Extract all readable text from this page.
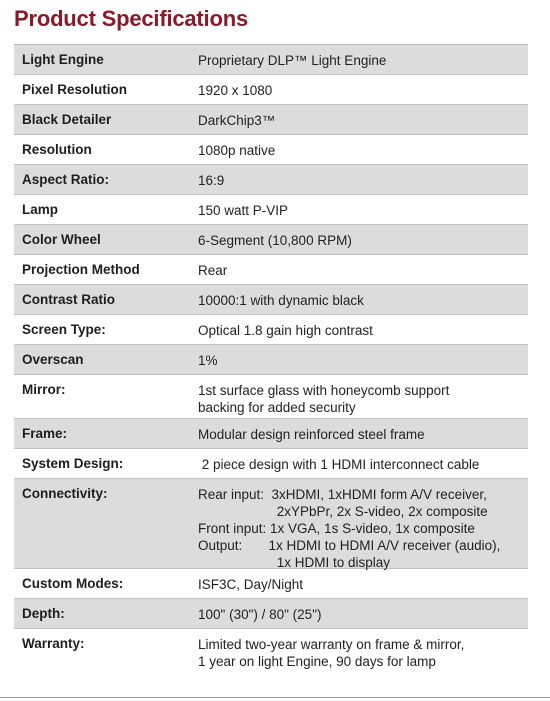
Product Specifications
Light Engine	Proprietary DLP™ Light Engine
Pixel Resolution	1920 x 1080
Black Detailer	DarkChip3™
Resolution	1080p native
Aspect Ratio:	16:9
Lamp	150 watt P-VIP
Color Wheel	6-Segment (10,800 RPM)
Projection Method	Rear
Contrast Ratio	10000:1 with dynamic black
Screen Type:	Optical 1.8 gain high contrast
Overscan	1%
Mirror:	1st surface glass with honeycomb support
backing for added security
Frame:	Modular design reinforced steel frame
System Design:	2 piece design with 1 HDMI interconnect cable
Connectivity:	Rear input:  3xHDMI, 1xHDMI form A/V receiver,
2xYPbPr, 2x S-video, 2x composite
Front input: 1x VGA, 1s S-video, 1x composite
Output:       1x HDMI to HDMI A/V receiver (audio),
1x HDMI to display
Custom Modes:	ISF3C, Day/Night
Depth:	100" (30") / 80" (25")
Warranty:	Limited two-year warranty on frame & mirror,
1 year on light Engine, 90 days for lamp
